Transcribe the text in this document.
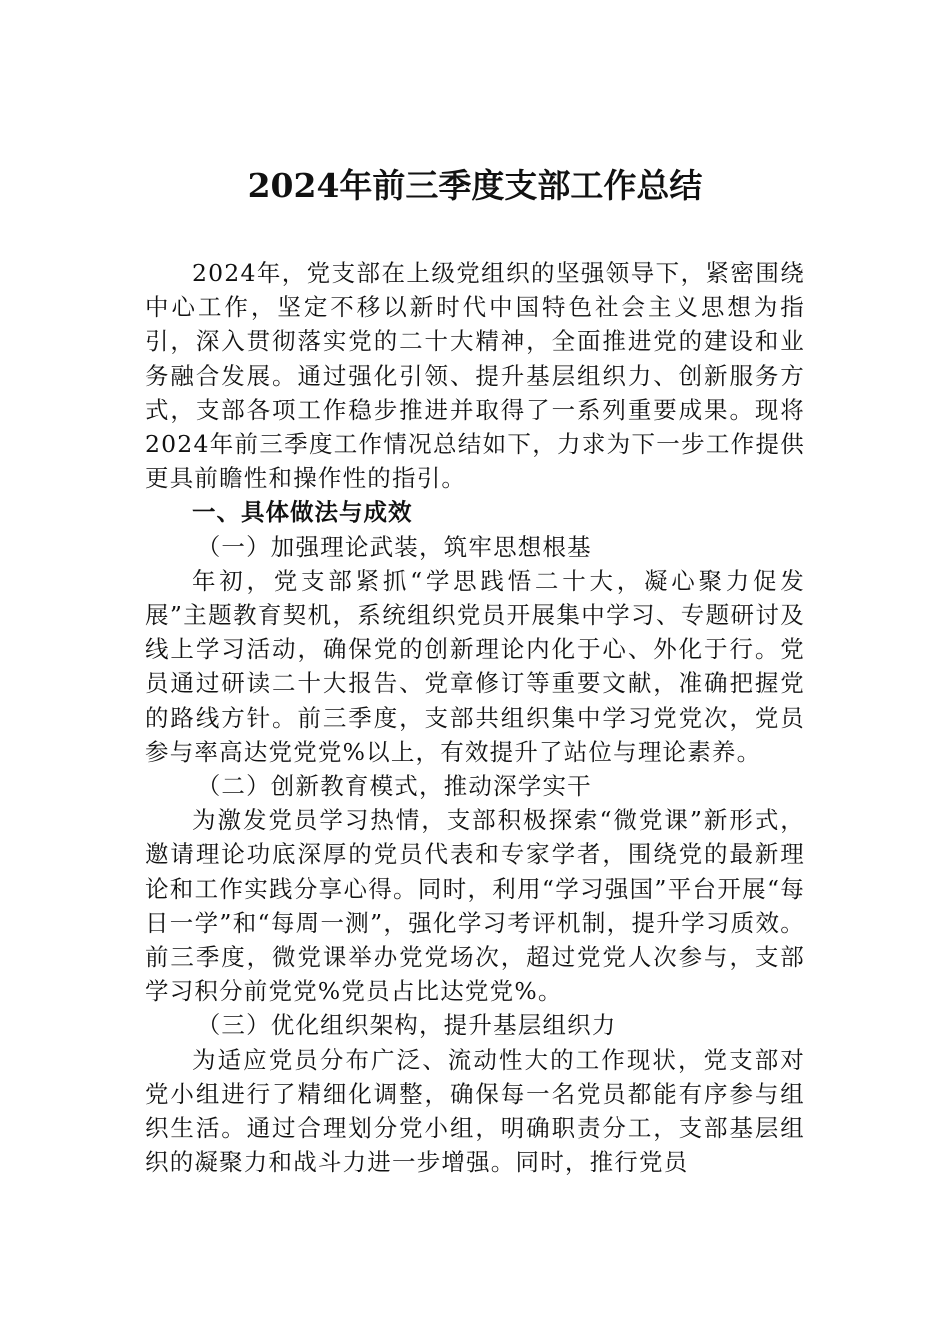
2024年前三季度支部工作总结

2024年，党支部在上级党组织的坚强领导下，紧密围绕中心工作，坚定不移以新时代中国特色社会主义思想为指引，深入贯彻落实党的二十大精神，全面推进党的建设和业务融合发展。通过强化引领、提升基层组织力、创新服务方式，支部各项工作稳步推进并取得了一系列重要成果。现将2024年前三季度工作情况总结如下，力求为下一步工作提供更具前瞻性和操作性的指引。

一、具体做法与成效

（一）加强理论武装，筑牢思想根基

年初，党支部紧抓“学思践悟二十大，凝心聚力促发展”主题教育契机，系统组织党员开展集中学习、专题研讨及线上学习活动，确保党的创新理论内化于心、外化于行。党员通过研读二十大报告、党章修订等重要文献，准确把握党的路线方针。前三季度，支部共组织集中学习党党次，党员参与率高达党党党%以上，有效提升了站位与理论素养。

（二）创新教育模式，推动深学实干

为激发党员学习热情，支部积极探索“微党课”新形式，邀请理论功底深厚的党员代表和专家学者，围绕党的最新理论和工作实践分享心得。同时，利用“学习强国”平台开展“每日一学”和“每周一测”，强化学习考评机制，提升学习质效。前三季度，微党课举办党党场次，超过党党人次参与，支部学习积分前党党%党员占比达党党%。

（三）优化组织架构，提升基层组织力

为适应党员分布广泛、流动性大的工作现状，党支部对党小组进行了精细化调整，确保每一名党员都能有序参与组织生活。通过合理划分党小组，明确职责分工，支部基层组织的凝聚力和战斗力进一步增强。同时，推行党员
